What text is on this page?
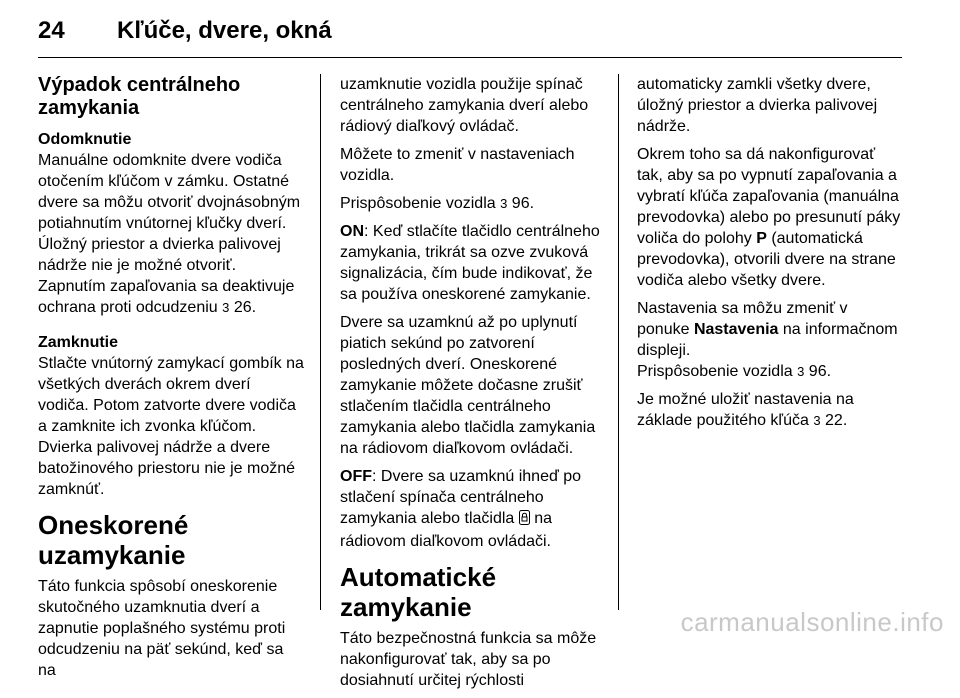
24 Kľúče, dvere, okná
Výpadok centrálneho zamykania
Odomknutie

Manuálne odomknite dvere vodiča otočením kľúčom v zámku. Ostatné dvere sa môžu otvoriť dvojnásobným potiahnutím vnútornej kľučky dverí. Úložný priestor a dvierka palivovej nádrže nie je možné otvoriť. Zapnutím zapaľovania sa deaktivuje ochrana proti odcudzeniu 3 26.

Zamknutie

Stlačte vnútorný zamykací gombík na všetkých dverách okrem dverí vodiča. Potom zatvorte dvere vodiča a zamknite ich zvonka kľúčom. Dvierka palivovej nádrže a dvere batožinového priestoru nie je možné zamknúť.

Oneskorené uzamykanie

Táto funkcia spôsobí oneskorenie skutočného uzamknutia dverí a zapnutie poplašného systému proti odcudzeniu na päť sekúnd, keď sa na

uzamknutie vozidla použije spínač centrálneho zamykania dverí alebo rádiový diaľkový ovládač.

Môžete to zmeniť v nastaveniach vozidla.

Prispôsobenie vozidla 3 96.

ON: Keď stlačíte tlačidlo centrálneho zamykania, trikrát sa ozve zvuková signalizácia, čím bude indikovať, že sa používa oneskorené zamykanie.

Dvere sa uzamknú až po uplynutí piatich sekúnd po zatvorení posledných dverí. Oneskorené zamykanie môžete dočasne zrušiť stlačením tlačidla centrálneho zamykania alebo tlačidla zamykania na rádiovom diaľkovom ovládači.

OFF: Dvere sa uzamknú ihneď po stlačení spínača centrálneho zamykania alebo tlačidla na rádiovom diaľkovom ovládači.

Automatické zamykanie

Táto bezpečnostná funkcia sa môže nakonfigurovať tak, aby sa po dosiahnutí určitej rýchlosti

automaticky zamkli všetky dvere, úložný priestor a dvierka palivovej nádrže.

Okrem toho sa dá nakonfigurovať tak, aby sa po vypnutí zapaľovania a vybratí kľúča zapaľovania (manuálna prevodovka) alebo po presunutí páky voliča do polohy P (automatická prevodovka), otvorili dvere na strane vodiča alebo všetky dvere.

Nastavenia sa môžu zmeniť v ponuke Nastavenia na informačnom displeji.
Prispôsobenie vozidla 3 96.

Je možné uložiť nastavenia na základe použitého kľúča 3 22.

carmanualsonline.info
